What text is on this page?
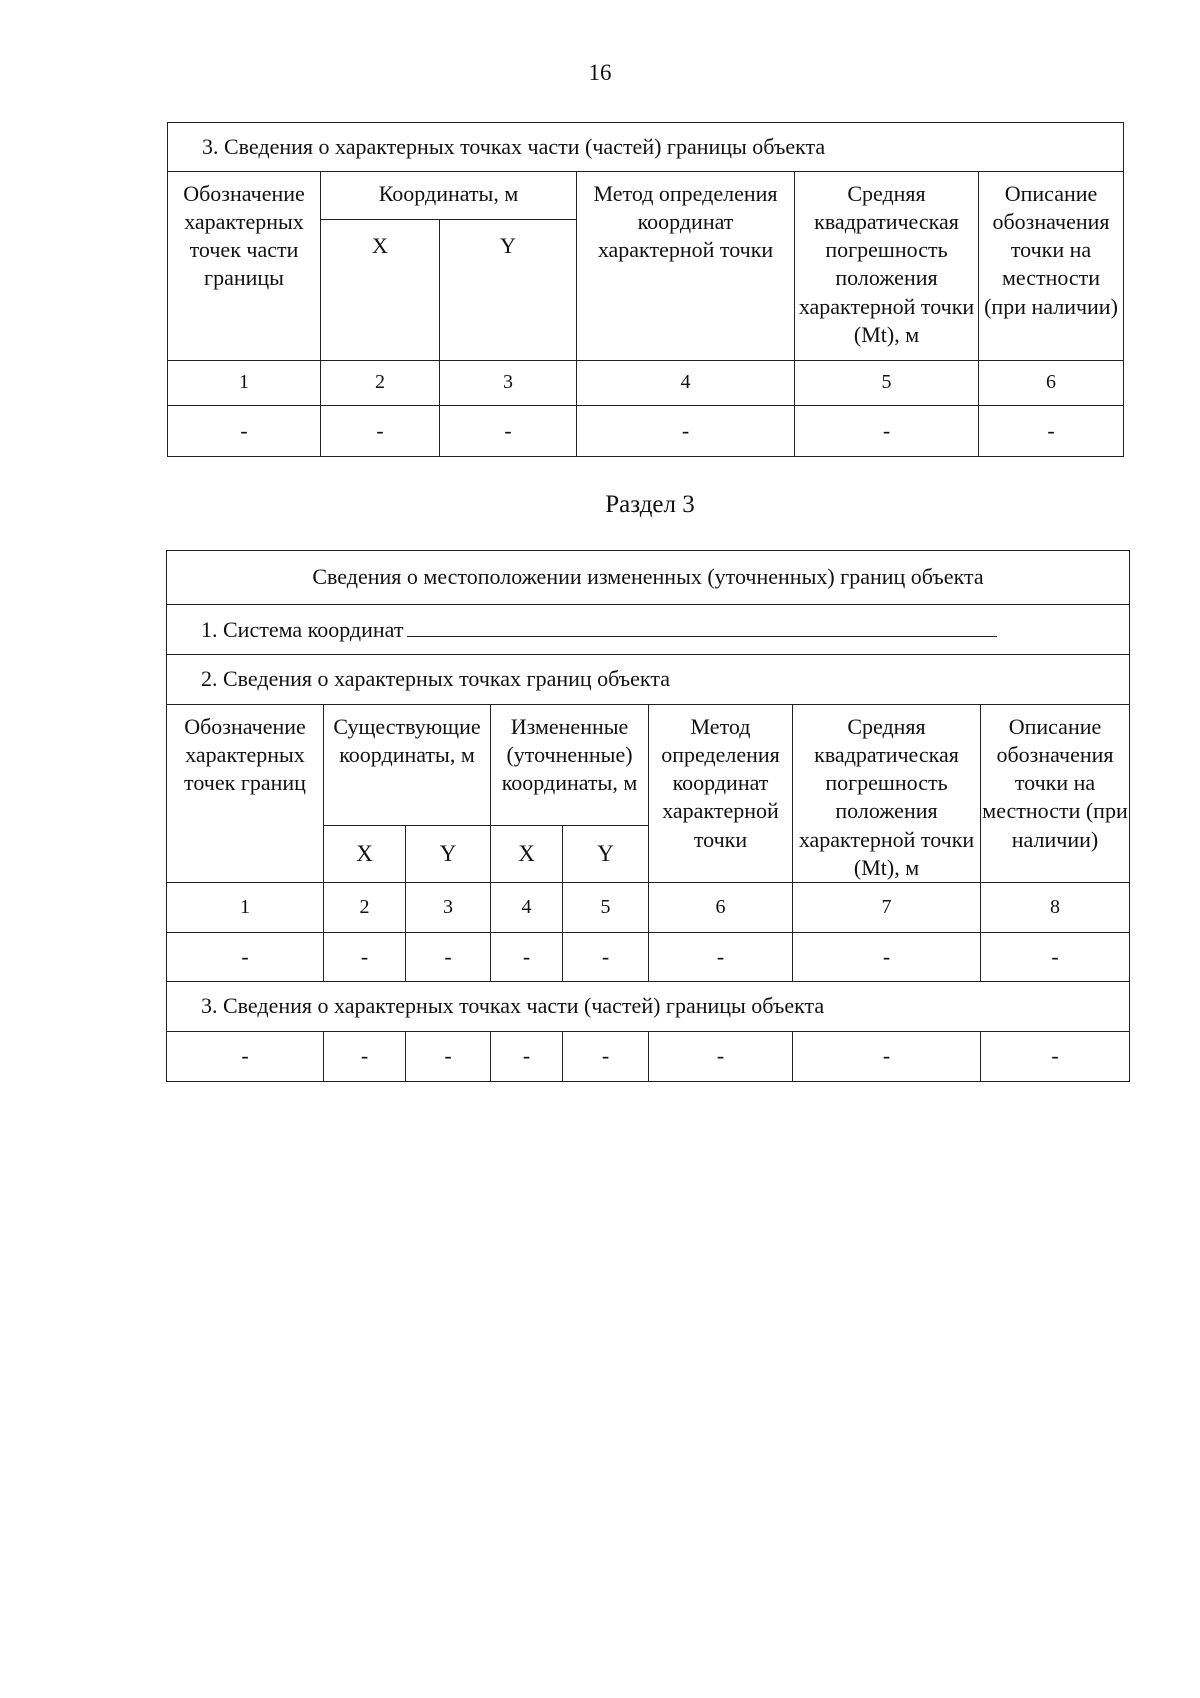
16
3. Сведения о характерных точках части (частей) границы объекта					
Обозначение характерных точек части границы	Координаты, м		Метод определения координат характерной точки	Средняя квадратическая погрешность положения характерной точки (Mt), м	Описание обозначения точки на местности (при наличии)
	X	Y			
1	2	3	4	5	6
-	-	-	-	-	-
Раздел 3
Сведения о местоположении измененных (уточненных) границ объекта							
1. Система координат							
2. Сведения о характерных точках границ объекта							
Обозначение характерных точек границ	Существующие координаты, м		Измененные (уточненные) координаты, м		Метод определения координат характерной точки	Средняя квадратическая погрешность положения характерной точки (Mt), м	Описание обозначения точки на местности (при наличии)
	X	Y	X	Y			
1	2	3	4	5	6	7	8
-	-	-	-	-	-	-	-
3. Сведения о характерных точках части (частей) границы объекта							
-	-	-	-	-	-	-	-
